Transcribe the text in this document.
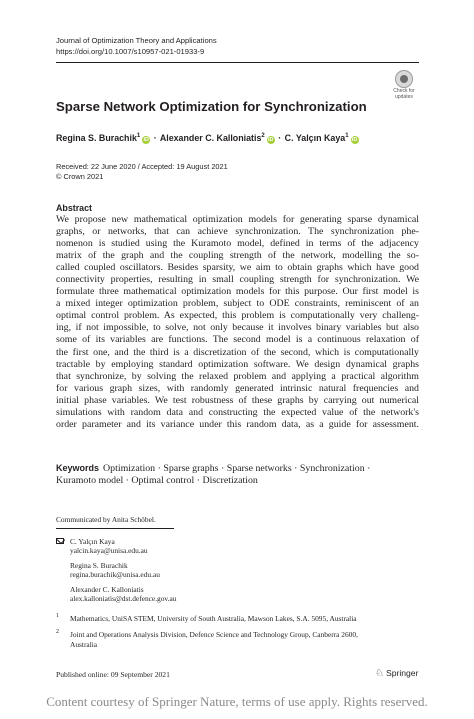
Journal of Optimization Theory and Applications
https://doi.org/10.1007/s10957-021-01933-9
Check for
updates
Sparse Network Optimization for Synchronization
Regina S. Burachik$^1$iD · Alexander C. Kalloniatis$^2$iD · C. Yalçın Kaya$^1$iD
Received: 22 June 2020 / Accepted: 19 August 2021
© Crown 2021
Abstract
We propose new mathematical optimization models for generating sparse dynamical
graphs, or networks, that can achieve synchronization. The synchronization phe-
nomenon is studied using the Kuramoto model, defined in terms of the adjacency
matrix of the graph and the coupling strength of the network, modelling the so-
called coupled oscillators. Besides sparsity, we aim to obtain graphs which have good
connectivity properties, resulting in small coupling strength for synchronization. We
formulate three mathematical optimization models for this purpose. Our first model is
a mixed integer optimization problem, subject to ODE constraints, reminiscent of an
optimal control problem. As expected, this problem is computationally very challeng-
ing, if not impossible, to solve, not only because it involves binary variables but also
some of its variables are functions. The second model is a continuous relaxation of
the first one, and the third is a discretization of the second, which is computationally
tractable by employing standard optimization software. We design dynamical graphs
that synchronize, by solving the relaxed problem and applying a practical algorithm
for various graph sizes, with randomly generated intrinsic natural frequencies and
initial phase variables. We test robustness of these graphs by carrying out numerical
simulations with random data and constructing the expected value of the network's
order parameter and its variance under this random data, as a guide for assessment.
Keywords Optimization · Sparse graphs · Sparse networks · Synchronization ·
Kuramoto model · Optimal control · Discretization
Communicated by Anita Schöbel.
C. Yalçın Kaya
yalcin.kaya@unisa.edu.au
Regina S. Burachik
regina.burachik@unisa.edu.au
Alexander C. Kalloniatis
alex.kalloniatis@dst.defence.gov.au
1 Mathematics, UniSA STEM, University of South Australia, Mawson Lakes, S.A. 5095, Australia
2 Joint and Operations Analysis Division, Defence Science and Technology Group, Canberra 2600,
Australia
Published online: 09 September 2021	♘ Springer
Content courtesy of Springer Nature, terms of use apply. Rights reserved.
